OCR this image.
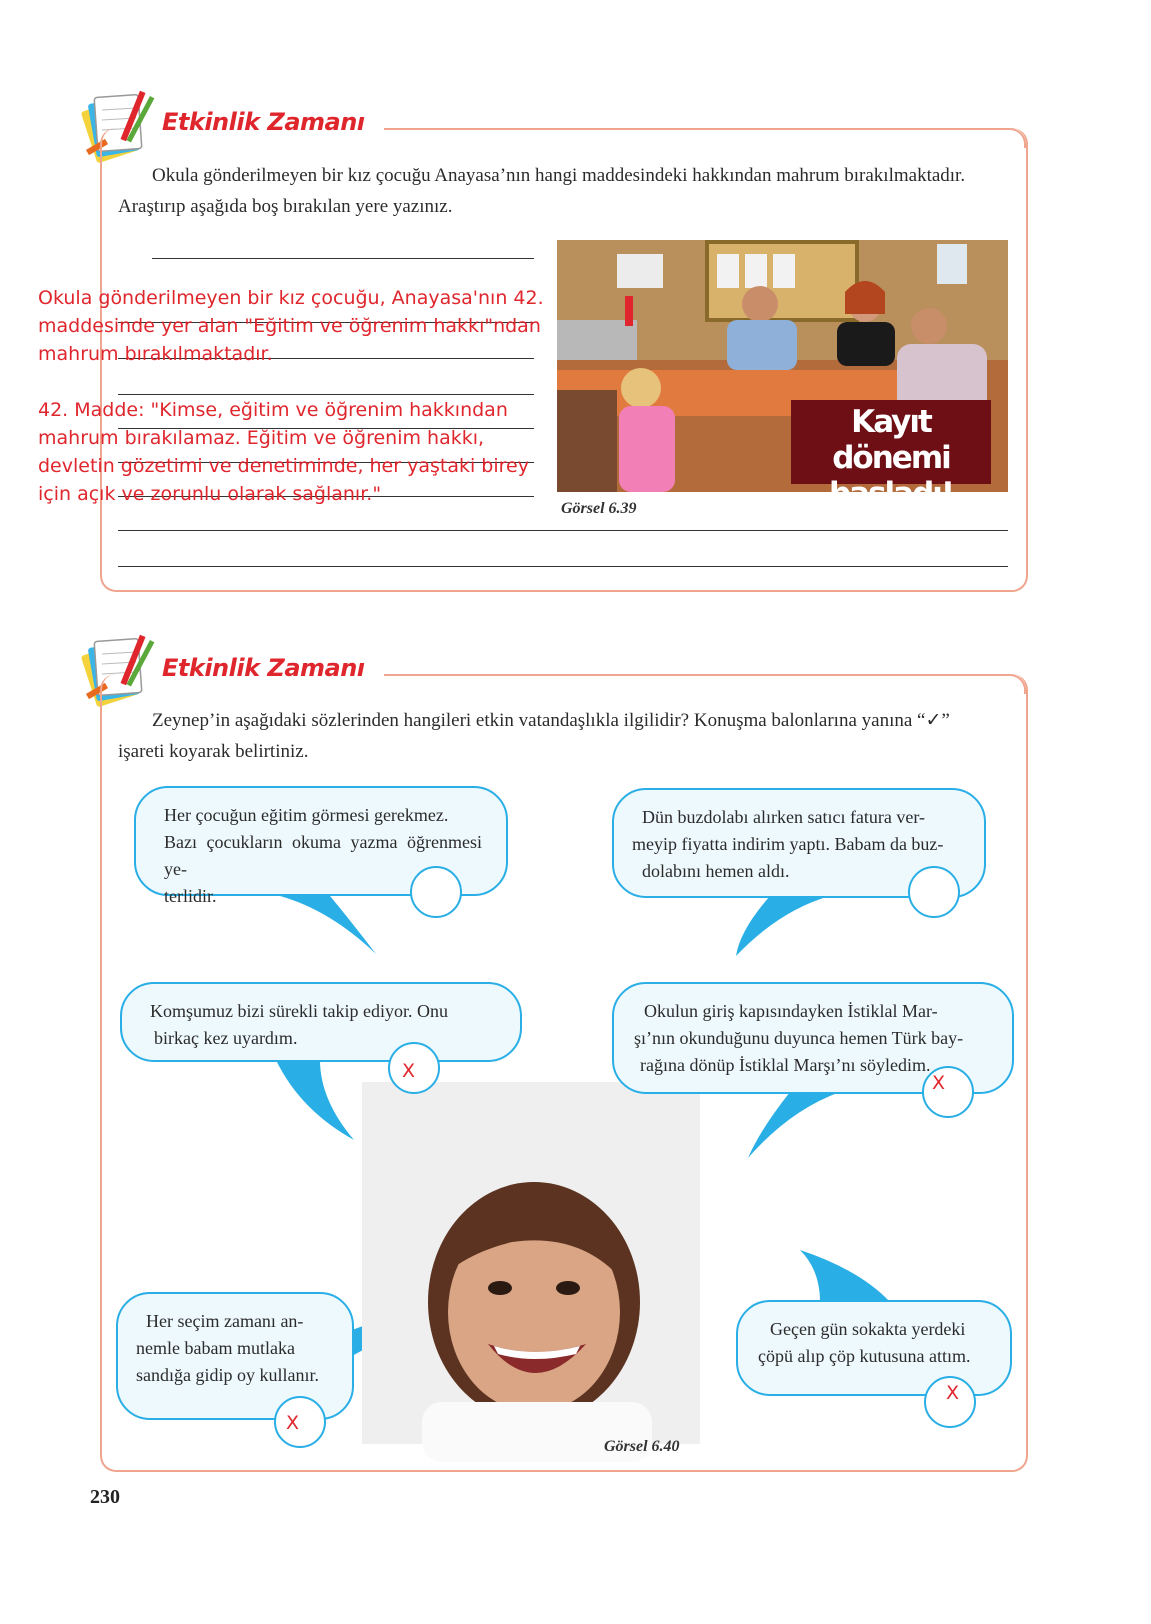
Etkinlik Zamanı
Okula gönderilmeyen bir kız çocuğu Anayasa’nın hangi maddesindeki hakkından mahrum bırakılmaktadır.
Araştırıp aşağıda boş bırakılan yere yazınız.
Okula gönderilmeyen bir kız çocuğu, Anayasa'nın 42.
maddesinde yer alan "Eğitim ve öğrenim hakkı"ndan
mahrum bırakılmaktadır.
42. Madde: "Kimse, eğitim ve öğrenim hakkından
mahrum bırakılamaz. Eğitim ve öğrenim hakkı,
devletin gözetimi ve denetiminde, her yaştaki birey
için açık ve zorunlu olarak sağlanır."
Kayıt dönemi
başladı!
Görsel 6.39
Etkinlik Zamanı
Zeynep’in aşağıdaki sözlerinden hangileri etkin vatandaşlıkla ilgilidir? Konuşma balonlarına yanına “✓”
işareti koyarak belirtiniz.
Görsel 6.40
Her çocuğun eğitim görmesi gerekmez.
Bazı çocukların okuma yazma öğrenmesi ye-
terlidir.
Dün buzdolabı alırken satıcı fatura ver-
meyip fiyatta indirim yaptı. Babam da buz-
dolabını hemen aldı.
Komşumuz bizi sürekli takip ediyor. Onu
birkaç kez uyardım.
X
Okulun giriş kapısındayken İstiklal Mar-
şı’nın okunduğunu duyunca hemen Türk bay-
rağına dönüp İstiklal Marşı’nı söyledim.
X
Her seçim zamanı an-
nemle babam mutlaka
sandığa gidip oy kullanır.
X
Geçen gün sokakta yerdeki
çöpü alıp çöp kutusuna attım.
X
230
